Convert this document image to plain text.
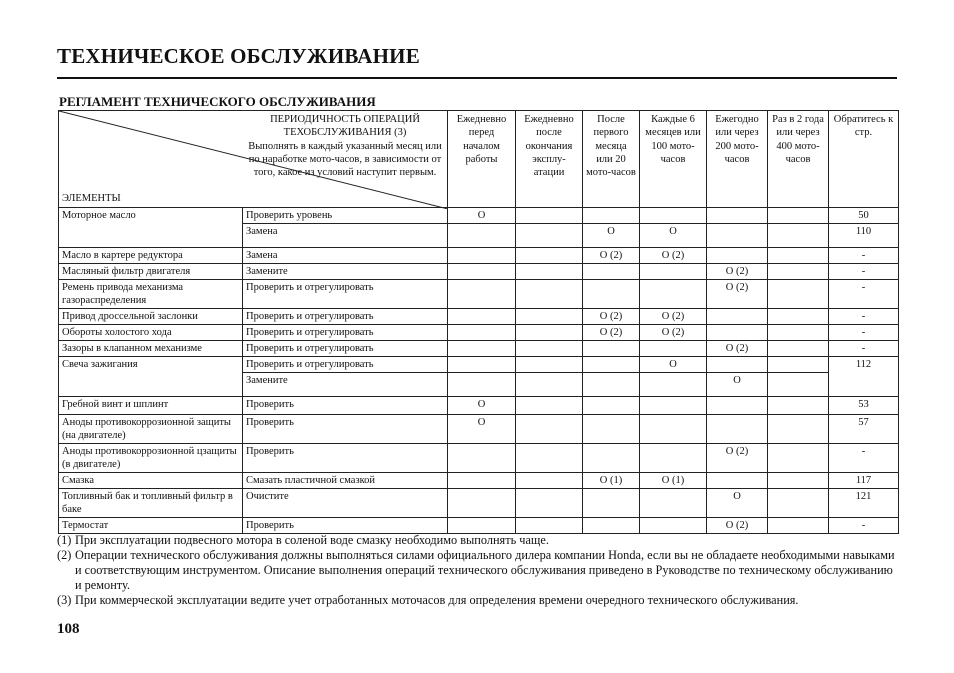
ТЕХНИЧЕСКОЕ ОБСЛУЖИВАНИЕ
РЕГЛАМЕНТ ТЕХНИЧЕСКОГО ОБСЛУЖИВАНИЯ
ПЕРИОДИЧНОСТЬ ОПЕРАЦИЙ ТЕХОБСЛУЖИВАНИЯ (3)
Выполнять в каждый указанный месяц или по наработке мото-часов, в зависимости от того, какое из условий наступит первым.
ЭЛЕМЕНТЫ		Ежедневно перед началом работы	Ежедневно после окончания эксплу-атации	После первого месяца или 20 мото-часов	Каждые 6 месяцев или 100 мото-часов	Ежегодно или через 200 мото-часов	Раз в 2 года или через 400 мото-часов	Обратитесь к стр.
Моторное масло	Проверить уровень	O						50
	Замена			O	O			110
Масло в картере редуктора	Замена			O (2)	O (2)			-
Масляный фильтр двигателя	Замените					O (2)		-
Ремень привода механизма газораспределения	Проверить и отрегулировать					O (2)		-
Привод дроссельной заслонки	Проверить и отрегулировать			O (2)	O (2)			-
Обороты холостого хода	Проверить и отрегулировать			O (2)	O (2)			-
Зазоры в клапанном механизме	Проверить и отрегулировать					O (2)		-
Свеча зажигания	Проверить и отрегулировать				O			112
	Замените					O		
Гребной винт и шплинт	Проверить	O						53
Аноды противокоррозионной защиты (на двигателе)	Проверить	O						57
Аноды противокоррозионной цзащиты (в двигателе)	Проверить					O (2)		-
Смазка	Смазать пластичной смазкой			O (1)	O (1)			117
Топливный бак и топливный фильтр в баке	Очистите					O		121
Термостат	Проверить					O (2)		-
(1) При эксплуатации подвесного мотора в соленой воде смазку необходимо выполнять чаще.
(2) Операции технического обслуживания должны выполняться силами официального дилера компании Honda, если вы не обладаете необходимыми навыками и соответствующим инструментом. Описание выполнения операций технического обслуживания приведено в Руководстве по техническому обслуживанию и ремонту.
(3) При коммерческой эксплуатации ведите учет отработанных моточасов для определения времени очередного технического обслуживания.
108
